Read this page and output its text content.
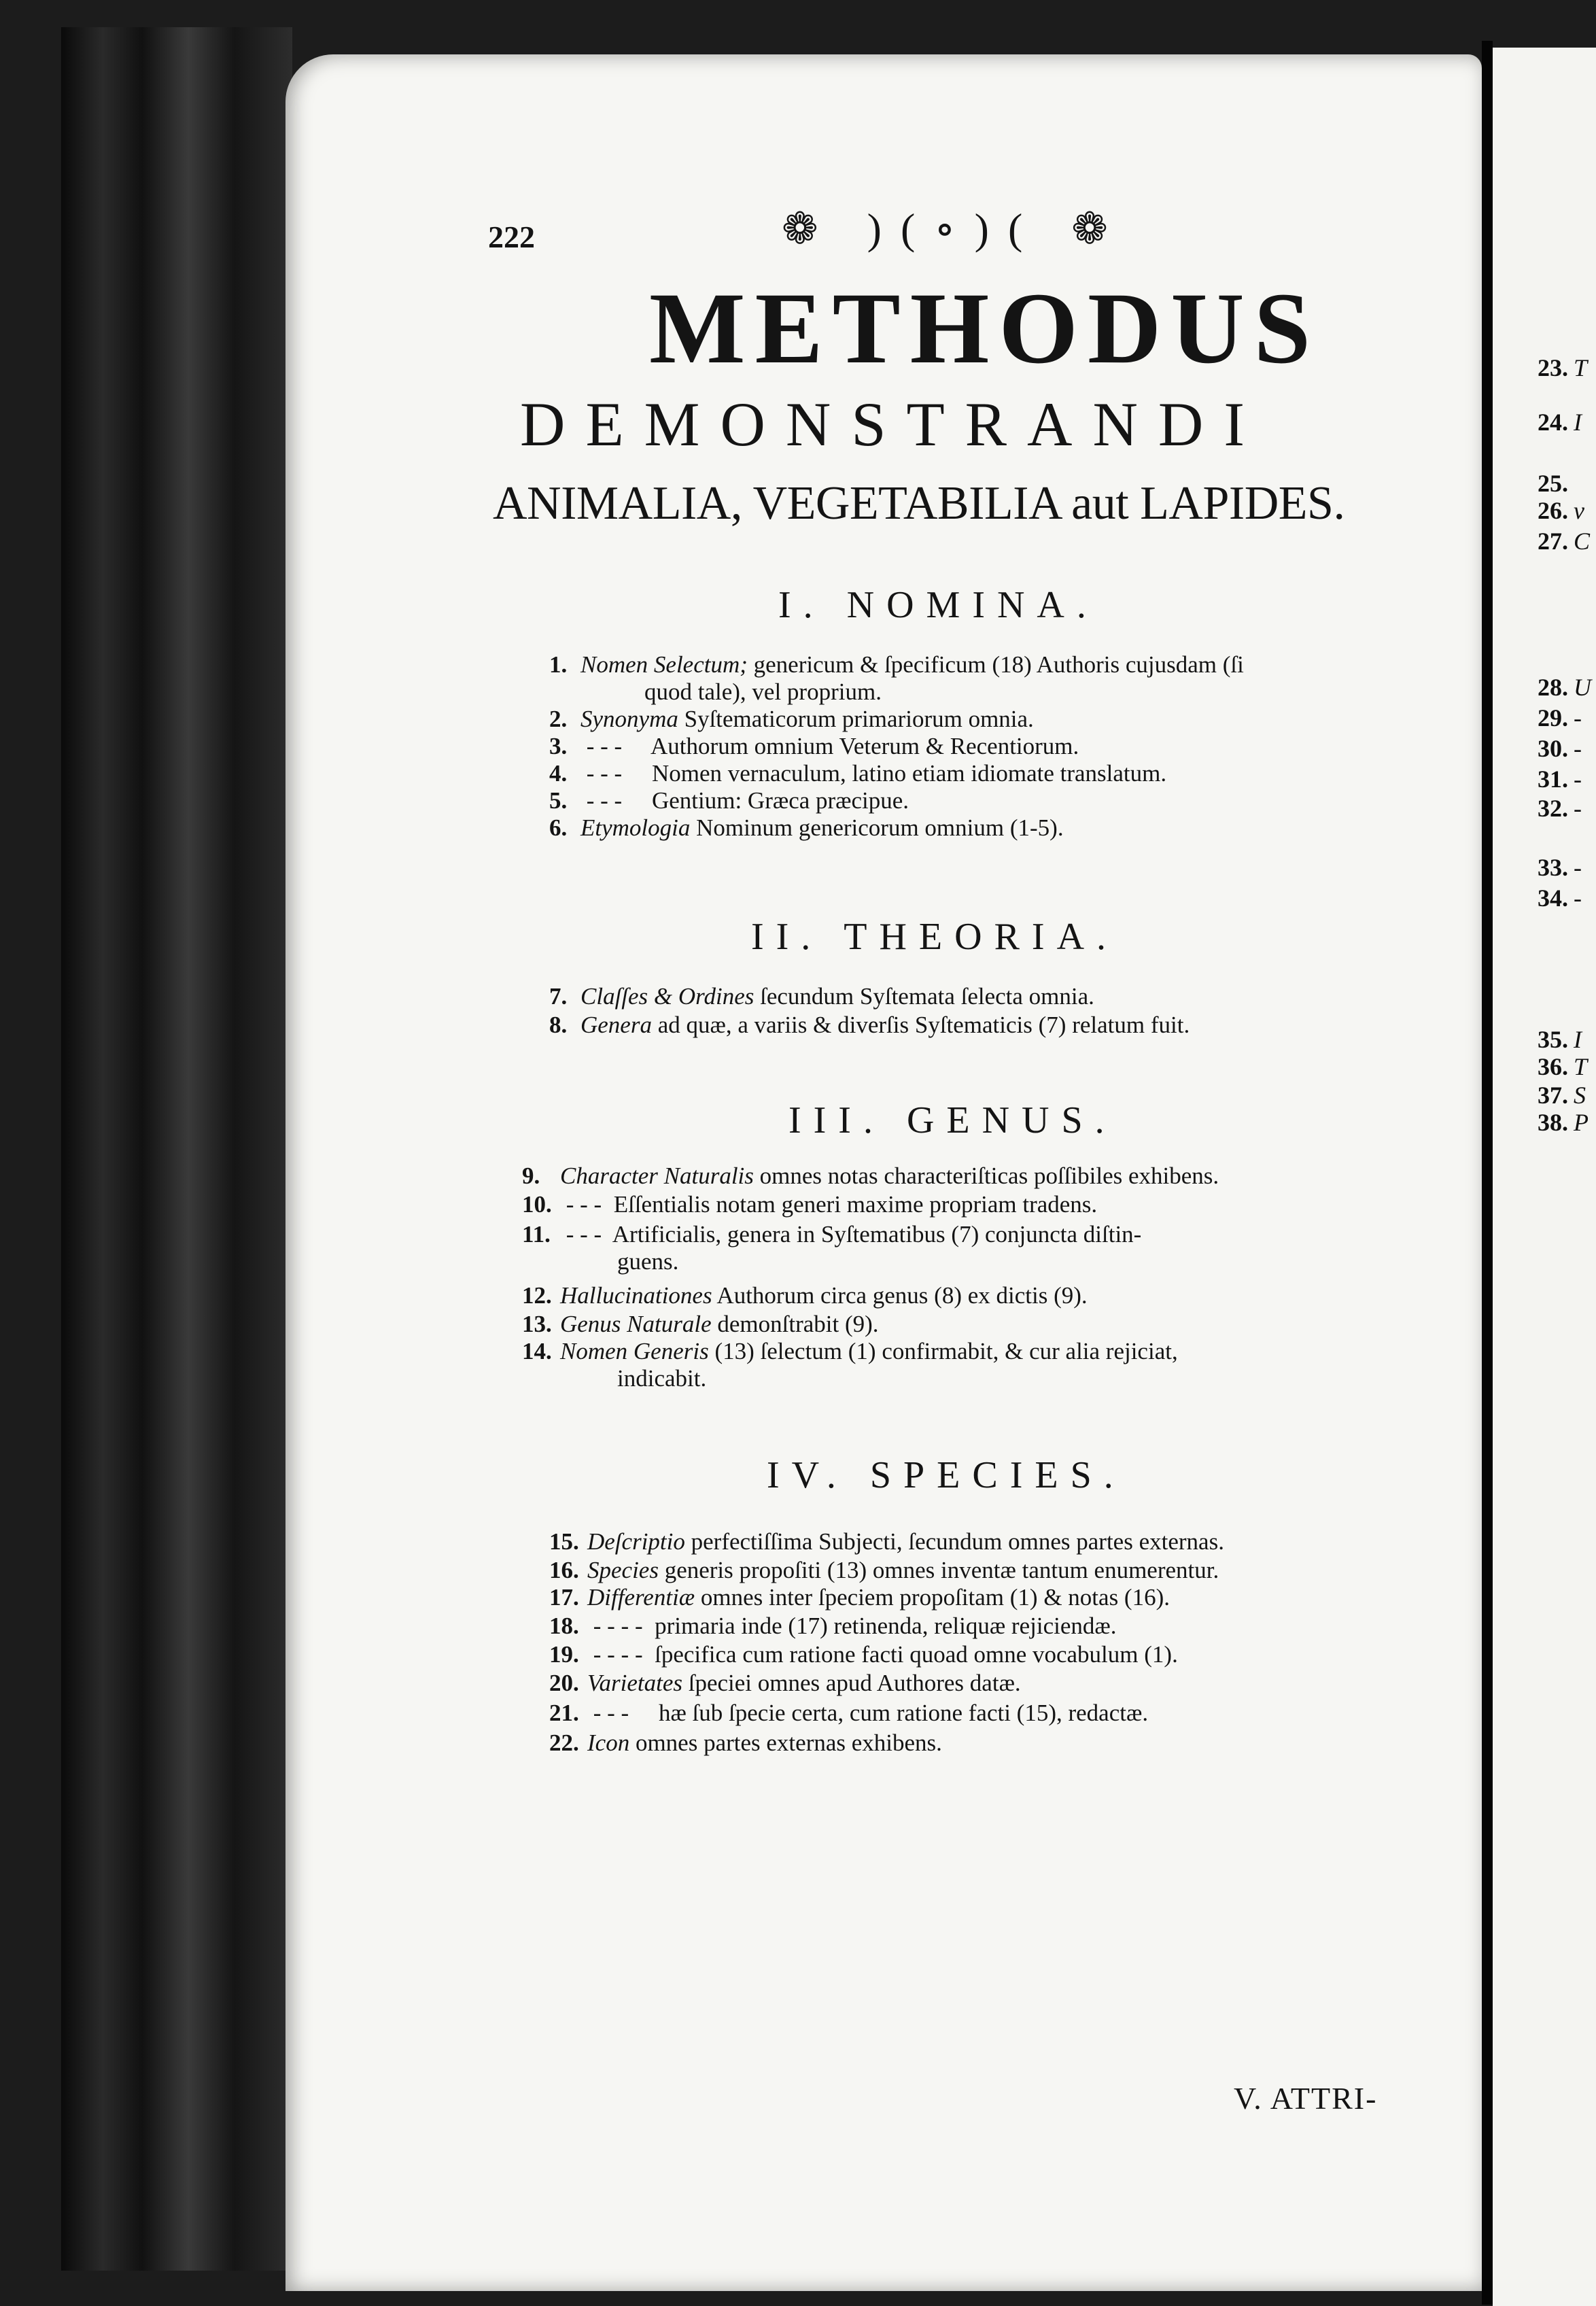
23. T
24. I
25.
26. v
27. C
28. U
29. -
30. -
31. -
32. -
33. -
34. -
35. I
36. T
37. S
38. P
222	❁ )(∘)( ❁
METHODUS
DEMONSTRANDI
ANIMALIA, VEGETABILIA aut LAPIDES.
I. NOMINA.
1. Nomen Selectum; genericum & ſpecificum (18) Authoris cujusdam (ſi
quod tale), vel proprium.
2. Synonyma Syſtematicorum primariorum omnia.
3. - - -     Authorum omnium Veterum & Recentiorum.
4. - - -     Nomen vernaculum, latino etiam idiomate translatum.
5. - - -     Gentium: Græca præcipue.
6. Etymologia Nominum genericorum omnium (1-5).
II. THEORIA.
7. Claſſes & Ordines ſecundum Syſtemata ſelecta omnia.
8. Genera ad quæ, a variis & diverſis Syſtematicis (7) relatum fuit.
III. GENUS.
9. Character Naturalis omnes notas characteriſticas poſſibiles exhibens.
10. - - -  Eſſentialis notam generi maxime propriam tradens.
11. - - -  Artificialis, genera in Syſtematibus (7) conjuncta diſtin-
guens.
12. Hallucinationes Authorum circa genus (8) ex dictis (9).
13. Genus Naturale demonſtrabit (9).
14. Nomen Generis (13) ſelectum (1) confirmabit, & cur alia rejiciat,
indicabit.
IV. SPECIES.
15. Deſcriptio perfectiſſima Subjecti, ſecundum omnes partes externas.
16. Species generis propoſiti (13) omnes inventæ tantum enumerentur.
17. Differentiæ omnes inter ſpeciem propoſitam (1) & notas (16).
18. - - - -  primaria inde (17) retinenda, reliquæ rejiciendæ.
19. - - - -  ſpecifica cum ratione facti quoad omne vocabulum (1).
20. Varietates ſpeciei omnes apud Authores datæ.
21. - - -     hæ ſub ſpecie certa, cum ratione facti (15), redactæ.
22. Icon omnes partes externas exhibens.
V. ATTRI-
